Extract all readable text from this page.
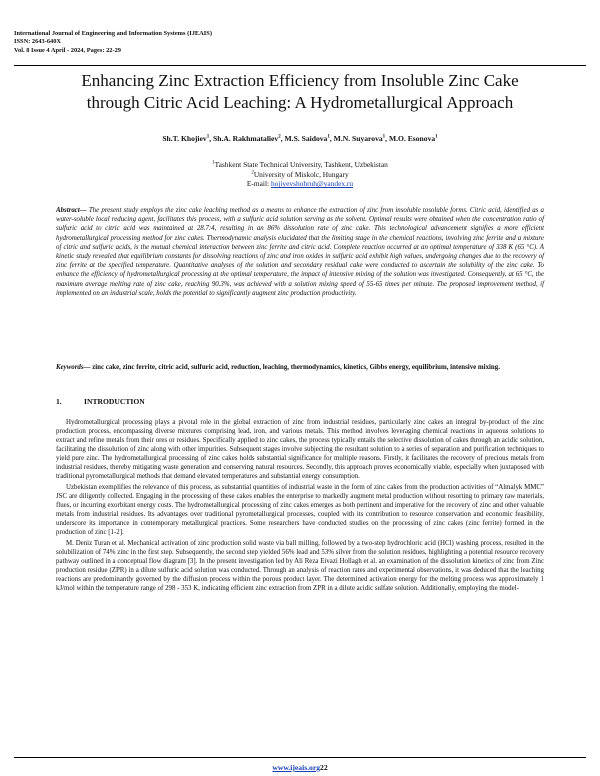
International Journal of Engineering and Information Systems (IJEAIS)
ISSN: 2643-640X
Vol. 8 Issue 4 April - 2024, Pages: 22-29
Enhancing Zinc Extraction Efficiency from Insoluble Zinc Cake
through Citric Acid Leaching: A Hydrometallurgical Approach
Sh.T. Khojiev$^1$, Sh.A. Rakhmataliev$^2$, M.S. Saidova$^1$, M.N. Suyarova$^1$, M.O. Esonova$^1$
$^1$Tashkent State Technical University, Tashkent, Uzbekistan
$^2$University of Miskolc, Hungary
E-mail: hojiyevshohruh@yandex.ru
Abstract— The present study employs the zinc cake leaching method as a means to enhance the extraction of zinc from insoluble tosoluble forms. Citric acid, identified as a water-soluble local reducing agent, facilitates this process, with a sulfuric acid solution serving as the solvent. Optimal results were obtained when the concentration ratio of sulfuric acid to citric acid was maintained at 28.7:4, resulting in an 86% dissolution rate of zinc cake. This technological advancement signifies a more efficient hydrometallurgical processing method for zinc cakes. Thermodynamic analysis elucidated that the limiting stage in the chemical reactions, involving zinc ferrite and a mixture of citric and sulfuric acids, is the mutual chemical interaction between zinc ferrite and citric acid. Complete reaction occurred at an optimal temperature of 338 K (65 °C). A kinetic study revealed that equilibrium constants for dissolving reactions of zinc and iron oxides in sulfuric acid exhibit high values, undergoing changes due to the recovery of zinc ferrite at the specified temperature. Quantitative analyses of the solution and secondary residual cake were conducted to ascertain the solubility of the zinc cake. To enhance the efficiency of hydrometallurgical processing at the optimal temperature, the impact of intensive mixing of the solution was investigated. Consequently, at 65 °C, the maximum average melting rate of zinc cake, reaching 90.3%, was achieved with a solution mixing speed of 55-65 times per minute. The proposed improvement method, if implemented on an industrial scale, holds the potential to significantly augment zinc production productivity.
Keywords— zinc cake, zinc ferrite, citric acid, sulfuric acid, reduction, leaching, thermodynamics, kinetics, Gibbs energy, equilibrium, intensive mixing.
1.	INTRODUCTION

Hydrometallurgical processing plays a pivotal role in the global extraction of zinc from industrial residues, particularly zinc cakes an integral by-product of the zinc production process, encompassing diverse mixtures comprising lead, iron, and various metals. This method involves leveraging chemical reactions in aqueous solutions to extract and refine metals from their ores or residues. Specifically applied to zinc cakes, the process typically entails the selective dissolution of cakes through an acidic solution, facilitating the dissolution of zinc along with other impurities. Subsequent stages involve subjecting the resultant solution to a series of separation and purification techniques to yield pure zinc. The hydrometallurgical processing of zinc cakes holds substantial significance for multiple reasons. Firstly, it facilitates the recovery of precious metals from industrial residues, thereby mitigating waste generation and conserving natural resources. Secondly, this approach proves economically viable, especially when juxtaposed with traditional pyrometallurgical methods that demand elevated temperatures and substantial energy consumption.

Uzbekistan exemplifies the relevance of this process, as substantial quantities of industrial waste in the form of zinc cakes from the production activities of “Almalyk MMC” JSC are diligently collected. Engaging in the processing of these cakes enables the enterprise to markedly augment metal production without resorting to primary raw materials, flues, or incurring exorbitant energy costs. The hydrometallurgical processing of zinc cakes emerges as both pertinent and imperative for the recovery of zinc and other valuable metals from industrial residues. Its advantages over traditional pyrometallurgical processes, coupled with its contribution to resource conservation and economic feasibility, underscore its importance in contemporary metallurgical practices. Some researchers have conducted studies on the processing of zinc cakes (zinc ferrite) formed in the production of zinc [1-2].

M. Deniz Turan et al. Mechanical activation of zinc production solid waste via ball milling, followed by a two-step hydrochloric acid (HCl) washing process, resulted in the solubilization of 74% zinc in the first step. Subsequently, the second step yielded 56% lead and 53% silver from the solution residues, highlighting a potential resource recovery pathway outlined in a conceptual flow diagram [3]. In the present investigation led by Ali Reza Eivazi Hollagh et al. an examination of the dissolution kinetics of zinc from Zinc production residue (ZPR) in a dilute sulfuric acid solution was conducted. Through an analysis of reaction rates and experimental observations, it was deduced that the leaching reactions are predominantly governed by the diffusion process within the porous product layer. The determined activation energy for the melting process was approximately 1 kJ/mol within the temperature range of 298 - 353 K, indicating efficient zinc extraction from ZPR in a dilute acidic sulfate solution. Additionally, employing the model-

www.ijeais.org22
